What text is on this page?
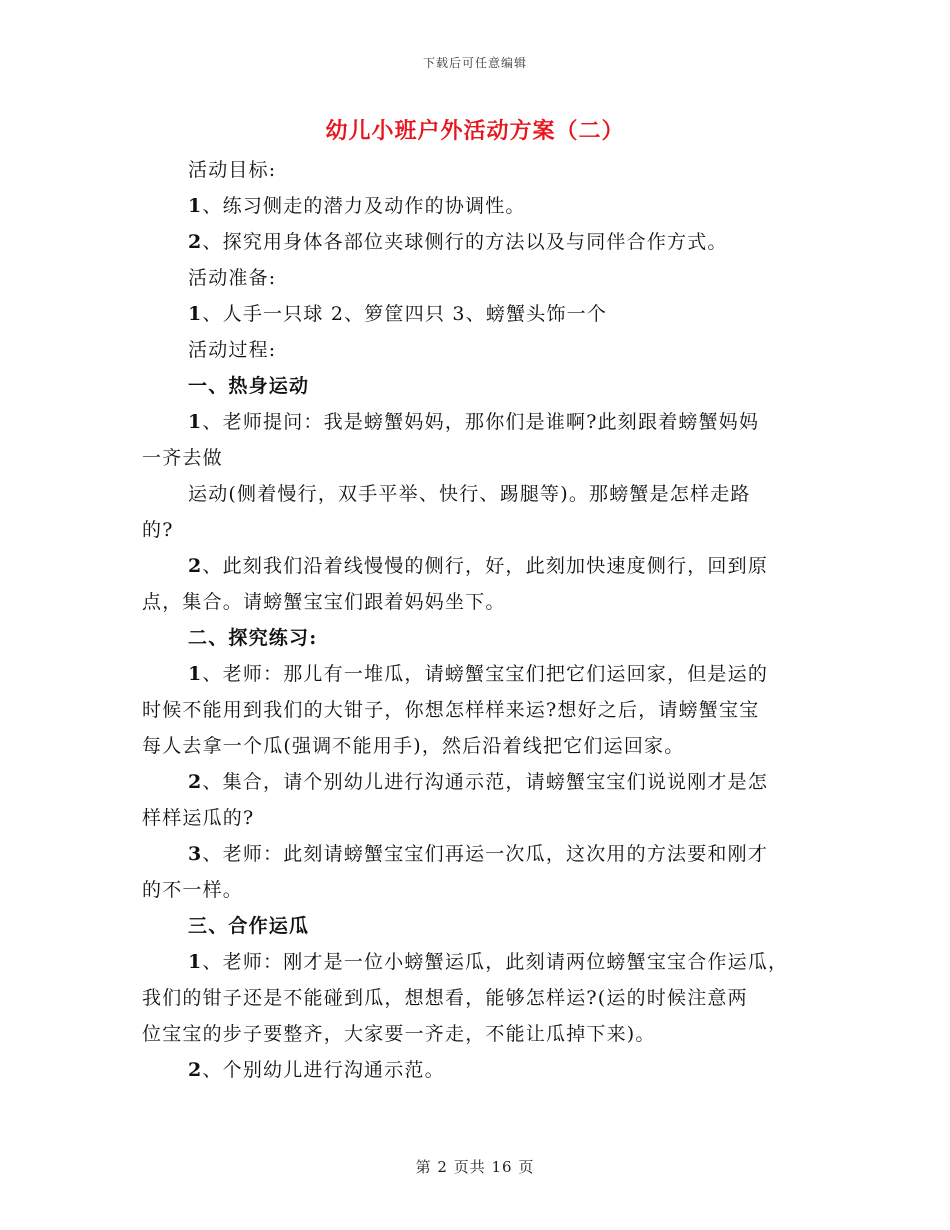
下载后可任意编辑
幼儿小班户外活动方案（二）

活动目标:

1、练习侧走的潜力及动作的协调性。

2、探究用身体各部位夹球侧行的方法以及与同伴合作方式。

活动准备:

1、人手一只球 2、箩筐四只 3、螃蟹头饰一个

活动过程:

一、热身运动

1、老师提问：我是螃蟹妈妈，那你们是谁啊?此刻跟着螃蟹妈妈

一齐去做

运动(侧着慢行，双手平举、快行、踢腿等)。那螃蟹是怎样走路

的?

2、此刻我们沿着线慢慢的侧行，好，此刻加快速度侧行，回到原

点，集合。请螃蟹宝宝们跟着妈妈坐下。

二、探究练习:

1、老师：那儿有一堆瓜，请螃蟹宝宝们把它们运回家，但是运的

时候不能用到我们的大钳子，你想怎样样来运?想好之后，请螃蟹宝宝

每人去拿一个瓜(强调不能用手)，然后沿着线把它们运回家。

2、集合，请个别幼儿进行沟通示范，请螃蟹宝宝们说说刚才是怎

样样运瓜的?

3、老师：此刻请螃蟹宝宝们再运一次瓜，这次用的方法要和刚才

的不一样。

三、合作运瓜

1、老师：刚才是一位小螃蟹运瓜，此刻请两位螃蟹宝宝合作运瓜，

我们的钳子还是不能碰到瓜，想想看，能够怎样运?(运的时候注意两

位宝宝的步子要整齐，大家要一齐走，不能让瓜掉下来)。

2、个别幼儿进行沟通示范。

第 2 页共 16 页
